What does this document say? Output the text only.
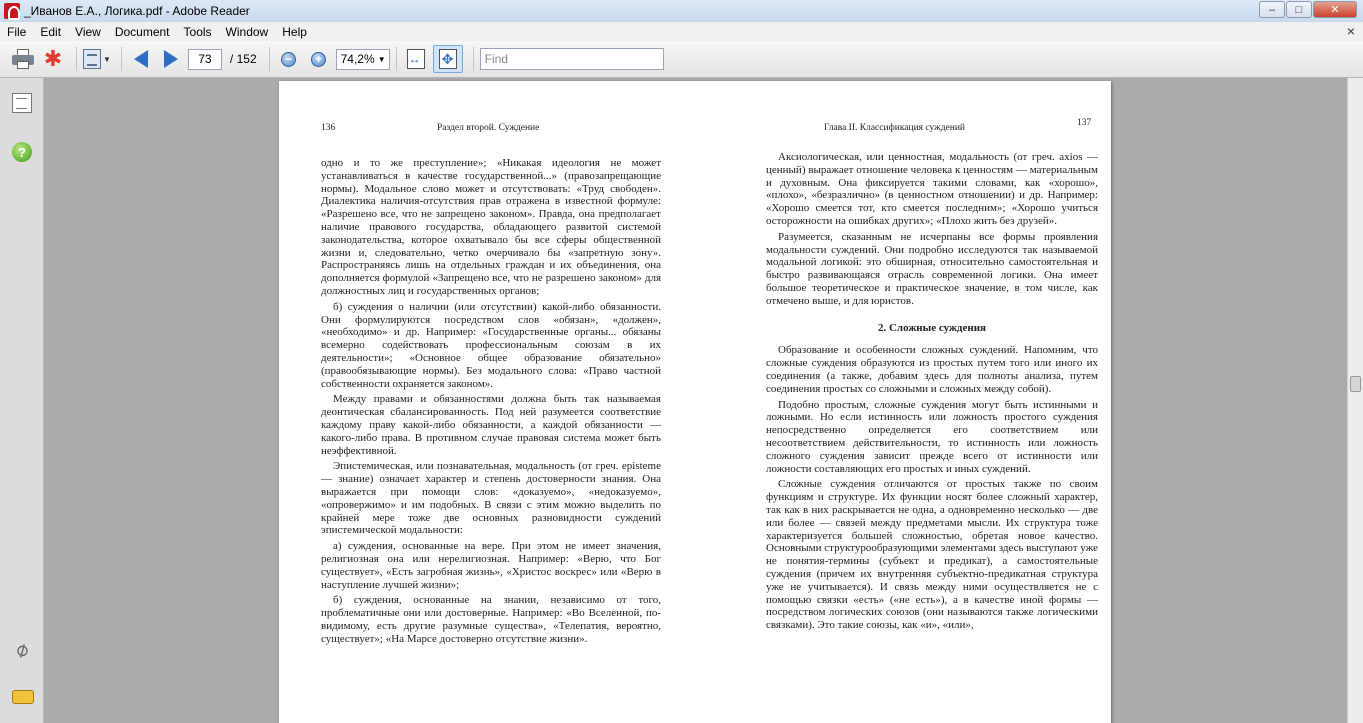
_Иванов Е.А., Логика.pdf - Adobe Reader	–	□	✕
File	Edit	View	Document	Tools	Window	Help	×
✱	▼	73	/ 152	−	+	74,2% ▼ ↔ ✥	Find
?
⌀
136	Раздел второй. Суждение	Глава II. Классификация суждений	137

одно и то же преступление»; «Никакая идеология не может устанавливаться в качестве государственной...» (правозапрещающие нормы). Модальное слово может и отсутствовать: «Труд свободен». Диалектика наличия-отсутствия прав отражена в известной формуле: «Разрешено все, что не запрещено законом». Правда, она предполагает наличие правового государства, обладающего развитой системой законодательства, которое охватывало бы все сферы общественной жизни и, следовательно, четко очерчивало бы «запретную зону». Распространяясь лишь на отдельных граждан и их объединения, она дополняется формулой «Запрещено все, что не разрешено законом» для должностных лиц и государственных органов;

б) суждения о наличии (или отсутствии) какой-либо обязанности. Они формулируются посредством слов «обязан», «должен», «необходимо» и др. Например: «Государственные органы... обязаны всемерно содействовать профессиональным союзам в их деятельности»; «Основное общее образование обязательно» (правообязывающие нормы). Без модального слова: «Право частной собственности охраняется законом».

Между правами и обязанностями должна быть так называемая деонтическая сбалансированность. Под ней разумеется соответствие каждому праву какой-либо обязанности, а каждой обязанности — какого-либо права. В противном случае правовая система может быть неэффективной.

Эпистемическая, или познавательная, модальность (от греч. episteme — знание) означает характер и степень достоверности знания. Она выражается при помощи слов: «доказуемо», «недоказуемо», «опровержимо» и им подобных. В связи с этим можно выделить по крайней мере тоже две основных разновидности суждений эпистемической модальности:

а) суждения, основанные на вере. При этом не имеет значения, религиозная она или нерелигиозная. Например: «Верю, что Бог существует», «Есть загробная жизнь», «Христос воскрес» или «Верю в наступление лучшей жизни»;

б) суждения, основанные на знании, независимо от того, проблематичные они или достоверные. Например: «Во Вселенной, по-видимому, есть другие разумные существа», «Телепатия, вероятно, существует»; «На Марсе достоверно отсутствие жизни».

Аксиологическая, или ценностная, модальность (от греч. axios — ценный) выражает отношение человека к ценностям — материальным и духовным. Она фиксируется такими словами, как «хорошо», «плохо», «безразлично» (в ценностном отношении) и др. Например: «Хорошо смеется тот, кто смеется последним»; «Хорошо учиться осторожности на ошибках других»; «Плохо жить без друзей».

Разумеется, сказанным не исчерпаны все формы проявления модальности суждений. Они подробно исследуются так называемой модальной логикой: это обширная, относительно самостоятельная и быстро развивающаяся отрасль современной логики. Она имеет большое теоретическое и практическое значение, в том числе, как отмечено выше, и для юристов.

2. Сложные суждения

Образование и особенности сложных суждений. Напомним, что сложные суждения образуются из простых путем того или иного их соединения (а также, добавим здесь для полноты анализа, путем соединения простых со сложными и сложных между собой).

Подобно простым, сложные суждения могут быть истинными и ложными. Но если истинность или ложность простого суждения непосредственно определяется его соответствием или несоответствием действительности, то истинность или ложность сложного суждения зависит прежде всего от истинности или ложности составляющих его простых и иных суждений.

Сложные суждения отличаются от простых также по своим функциям и структуре. Их функции носят более сложный характер, так как в них раскрывается не одна, а одновременно несколько — две или более — связей между предметами мысли. Их структура тоже характеризуется большей сложностью, обретая новое качество. Основными структурообразующими элементами здесь выступают уже не понятия-термины (субъект и предикат), а самостоятельные суждения (причем их внутренняя субъектно-предикатная структура уже не учитывается). И связь между ними осуществляется не с помощью связки «есть» («не есть»), а в качестве иной формы — посредством логических союзов (они называются также логическими связками). Это такие союзы, как «и», «или»,
